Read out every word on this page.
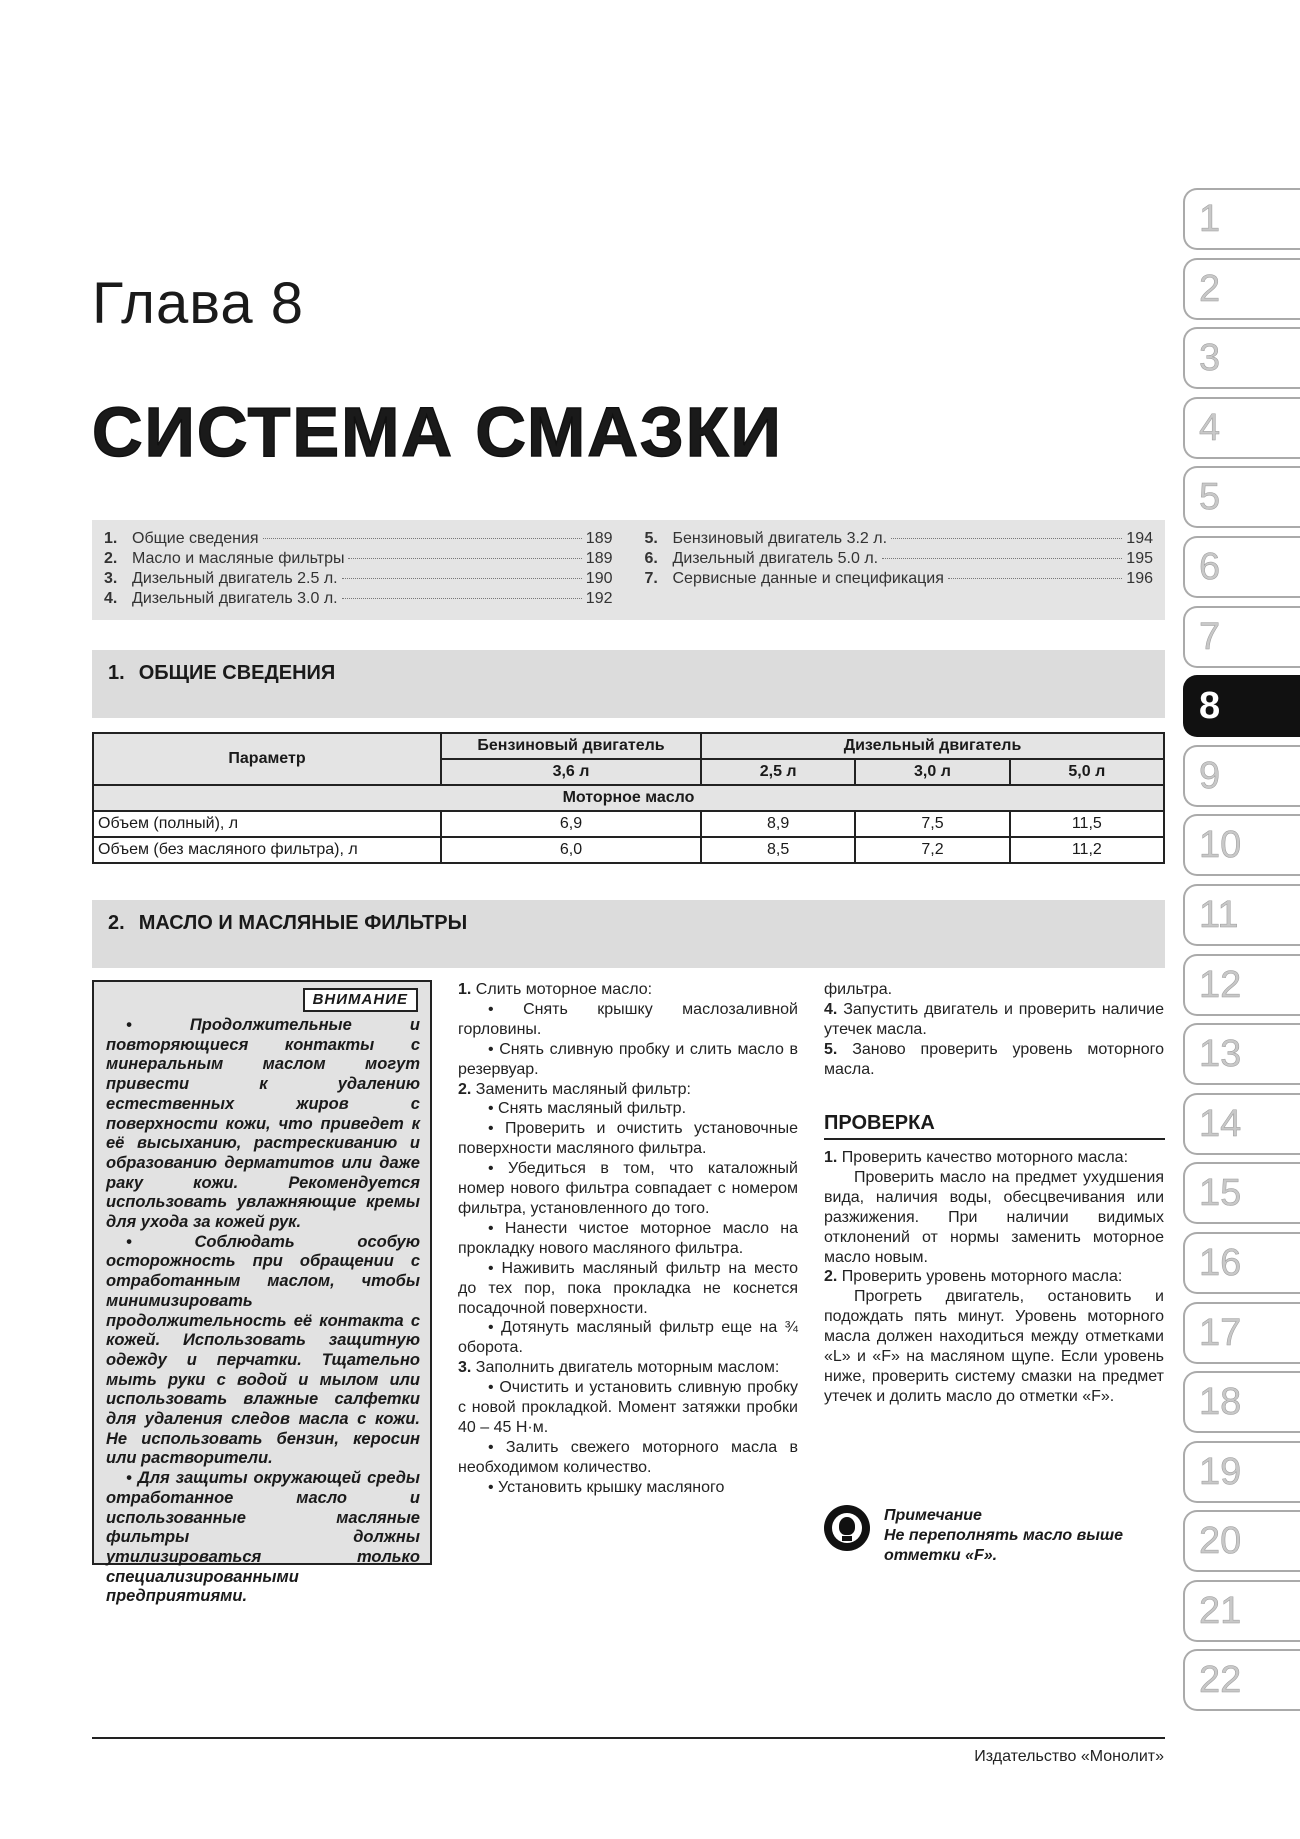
Глава 8
СИСТЕМА СМАЗКИ
1. Общие сведения	189
2. Масло и масляные фильтры	189
3. Дизельный двигатель 2.5 л.	190
4. Дизельный двигатель 3.0 л.	192
5. Бензиновый двигатель 3.2 л.	194
6. Дизельный двигатель 5.0 л.	195
7. Сервисные данные и спецификация	196
1. ОБЩИЕ СВЕДЕНИЯ
Параметр	Бензиновый двигатель	Дизельный двигатель		
	3,6 л	2,5 л	3,0 л	5,0 л
Моторное масло				
Объем (полный), л	6,9	8,9	7,5	11,5
Объем (без масляного фильтра), л	6,0	8,5	7,2	11,2
2. МАСЛО И МАСЛЯНЫЕ ФИЛЬТРЫ
ВНИМАНИЕ

• Продолжительные и повторяющиеся контакты с минеральным маслом могут привести к удалению естественных жиров с поверхности кожи, что приведет к её высыханию, растрескиванию и образованию дерматитов или даже раку кожи. Рекомендуется использовать увлажняющие кремы для ухода за кожей рук.

• Соблюдать особую осторожность при обращении с отработанным маслом, чтобы минимизировать продолжительность её контакта с кожей. Использовать защитную одежду и перчатки. Тщательно мыть руки с водой и мылом или использовать влажные салфетки для удаления следов масла с кожи. Не использовать бензин, керосин или растворители.

• Для защиты окружающей среды отработанное масло и использованные масляные фильтры должны утилизироваться только специализированными предприятиями.

1. Слить моторное масло:

• Снять крышку маслозаливной горловины.

• Снять сливную пробку и слить масло в резервуар.

2. Заменить масляный фильтр:

• Снять масляный фильтр.

• Проверить и очистить установочные поверхности масляного фильтра.

• Убедиться в том, что каталожный номер нового фильтра совпадает с номером фильтра, установленного до того.

• Нанести чистое моторное масло на прокладку нового масляного фильтра.

• Наживить масляный фильтр на место до тех пор, пока прокладка не коснется посадочной поверхности.

• Дотянуть масляный фильтр еще на ¾ оборота.

3. Заполнить двигатель моторным маслом:

• Очистить и установить сливную пробку с новой прокладкой. Момент затяжки пробки 40 – 45 Н·м.

• Залить свежего моторного масла в необходимом количество.

• Установить крышку масляного

фильтра.

4. Запустить двигатель и проверить наличие утечек масла.

5. Заново проверить уровень моторного масла.

ПРОВЕРКА

1. Проверить качество моторного масла:

Проверить масло на предмет ухудшения вида, наличия воды, обесцвечивания или разжижения. При наличии видимых отклонений от нормы заменить моторное масло новым.

2. Проверить уровень моторного масла:

Прогреть двигатель, остановить и подождать пять минут. Уровень моторного масла должен находиться между отметками «L» и «F» на масляном щупе. Если уровень ниже, проверить систему смазки на предмет утечек и долить масло до отметки «F».

Примечание
Не переполнять масло выше отметки «F».
Издательство «Монолит»
1
2
3
4
5
6
7
8
9
10
11
12
13
14
15
16
17
18
19
20
21
22
